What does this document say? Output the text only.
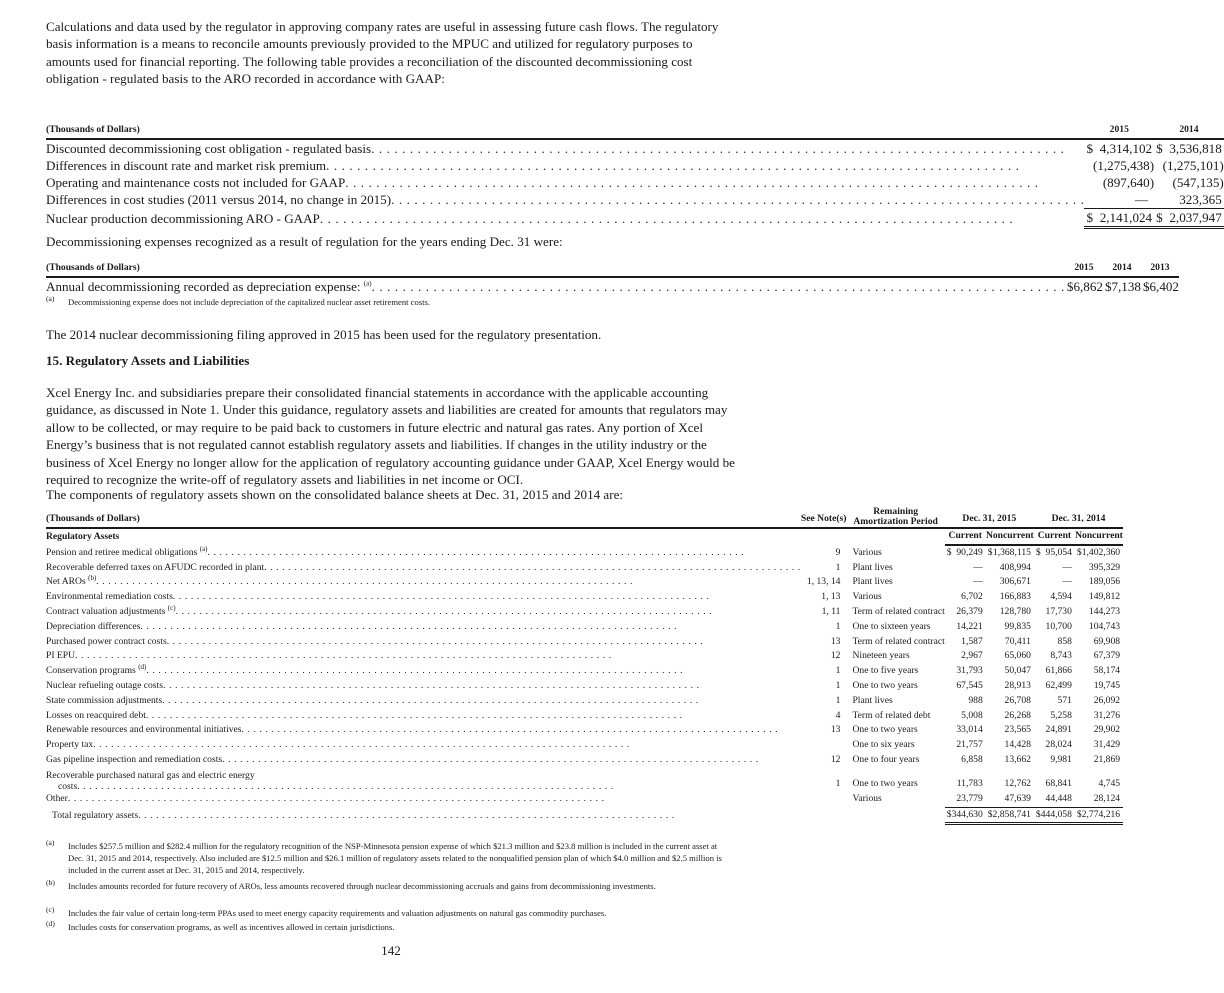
Calculations and data used by the regulator in approving company rates are useful in assessing future cash flows. The regulatory basis information is a means to reconcile amounts previously provided to the MPUC and utilized for regulatory purposes to amounts used for financial reporting. The following table provides a reconciliation of the discounted decommissioning cost obligation - regulated basis to the ARO recorded in accordance with GAAP:

(Thousands of Dollars)		2015		2014	

Discounted decommissioning cost obligation - regulated basis
. . .		$	4,314,102		$	3,536,818

Differences in discount rate and market risk premium
. . .			(1,275,438)			(1,275,101)

Operating and maintenance costs not included for GAAP
. . .			(897,640)			(547,135)

Differences in cost studies (2011 versus 2014, no change in 2015)
. . .			—			323,365

Nuclear production decommissioning ARO - GAAP
. . .		$	2,141,024		$	2,037,947

Decommissioning expenses recognized as a result of regulation for the years ending Dec. 31 were:

(Thousands of Dollars)		2015		2014		2013	

Annual decommissioning recorded as depreciation expense: $^{(a)}$
. . .		$	6,862		$	7,138		$	6,402
(a) Decommissioning expense does not include depreciation of the capitalized nuclear asset retirement costs.

The 2014 nuclear decommissioning filing approved in 2015 has been used for the regulatory presentation.

15. Regulatory Assets and Liabilities

Xcel Energy Inc. and subsidiaries prepare their consolidated financial statements in accordance with the applicable accounting guidance, as discussed in Note 1. Under this guidance, regulatory assets and liabilities are created for amounts that regulators may allow to be collected, or may require to be paid back to customers in future electric and natural gas rates. Any portion of Xcel Energy’s business that is not regulated cannot establish regulatory assets and liabilities. If changes in the utility industry or the business of Xcel Energy no longer allow for the application of regulatory accounting guidance under GAAP, Xcel Energy would be required to recognize the write-off of regulatory assets and liabilities in net income or OCI.

The components of regulatory assets shown on the consolidated balance sheets at Dec. 31, 2015 and 2014 are:

(Thousands of Dollars)		See Note(s)		Remaining
Amortization Period		Dec. 31, 2015				Dec. 31, 2014			
Regulatory Assets						Current		Noncurrent		Current		Noncurrent	

Pension and retiree medical obligations $^{(a)}$
. . .		9		Various		$	90,249		$	1,368,115		$	95,054		$	1,402,360

Recoverable deferred taxes on AFUDC recorded in plant
. . .		1		Plant lives			—			408,994			—			395,329

Net AROs $^{(b)}$
. . .		1, 13, 14		Plant lives			—			306,671			—			189,056

Environmental remediation costs
. . .		1, 13		Various			6,702			166,883			4,594			149,812

Contract valuation adjustments $^{(c)}$
. . .		1, 11		Term of related contract			26,379			128,780			17,730			144,273

Depreciation differences
. . .		1		One to sixteen years			14,221			99,835			10,700			104,743

Purchased power contract costs
. . .		13		Term of related contract			1,587			70,411			858			69,908

PI EPU
. . .		12		Nineteen years			2,967			65,060			8,743			67,379

Conservation programs $^{(d)}$
. . .		1		One to five years			31,793			50,047			61,866			58,174

Nuclear refueling outage costs
. . .		1		One to two years			67,545			28,913			62,499			19,745

State commission adjustments
. . .		1		Plant lives			988			26,708			571			26,092

Losses on reacquired debt
. . .		4		Term of related debt			5,008			26,268			5,258			31,276

Renewable resources and environmental initiatives
. . .		13		One to two years			33,014			23,565			24,891			29,902

Property tax
. . .				One to six years			21,757			14,428			28,024			31,429

Gas pipeline inspection and remediation costs
. . .		12		One to four years			6,858			13,662			9,981			21,869

Recoverable purchased natural gas and electric energy
costs
. . .		1		One to two years			11,783			12,762			68,841			4,745

Other
. . .				Various			23,779			47,639			44,448			28,124

Total regulatory assets
. . .						$	344,630		$	2,858,741		$	444,058		$	2,774,216
(a) Includes $257.5 million and $282.4 million for the regulatory recognition of the NSP-Minnesota pension expense of which $21.3 million and $23.8 million is included in the current asset at Dec. 31, 2015 and 2014, respectively. Also included are $12.5 million and $26.1 million of regulatory assets related to the nonqualified pension plan of which $4.0 million and $2.5 million is included in the current asset at Dec. 31, 2015 and 2014, respectively.
(b) Includes amounts recorded for future recovery of AROs, less amounts recovered through nuclear decommissioning accruals and gains from decommissioning investments.
(c) Includes the fair value of certain long-term PPAs used to meet energy capacity requirements and valuation adjustments on natural gas commodity purchases.
(d) Includes costs for conservation programs, as well as incentives allowed in certain jurisdictions.
142
